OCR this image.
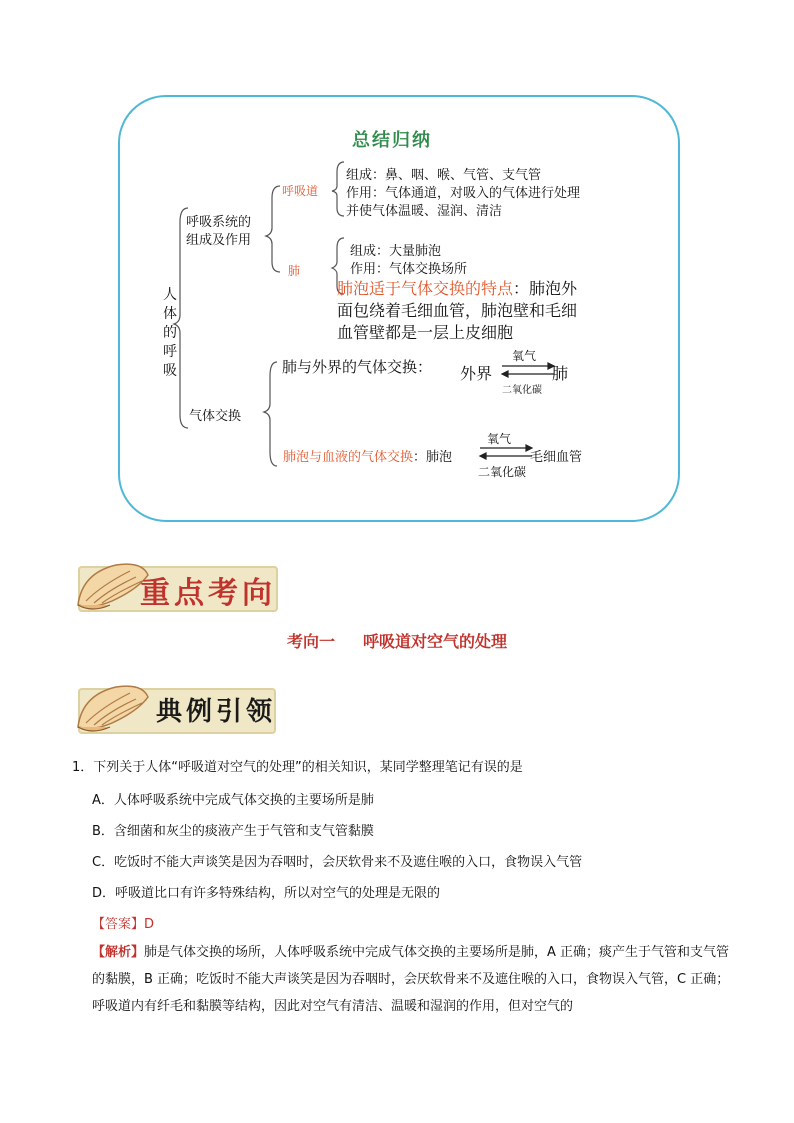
总结归纳
人体的呼吸
呼吸系统的
组成及作用
呼吸道
组成：鼻、咽、喉、气管、支气管
作用：气体通道，对吸入的气体进行处理
并使气体温暖、湿润、清洁
肺
组成：大量肺泡
作用：气体交换场所
肺泡适于气体交换的特点：肺泡外
面包绕着毛细血管，肺泡壁和毛细
血管壁都是一层上皮细胞
气体交换
肺与外界的气体交换： 外界
氧气
二氧化碳
肺
肺泡与血液的气体交换：肺泡
氧气
二氧化碳
毛细血管
重点考向
考向一 呼吸道对空气的处理
典例引领
1．下列关于人体“呼吸道对空气的处理”的相关知识，某同学整理笔记有误的是
A．人体呼吸系统中完成气体交换的主要场所是肺
B．含细菌和灰尘的痰液产生于气管和支气管黏膜
C．吃饭时不能大声谈笑是因为吞咽时，会厌软骨来不及遮住喉的入口，食物误入气管
D．呼吸道比口有许多特殊结构，所以对空气的处理是无限的
【答案】D
【解析】肺是气体交换的场所，人体呼吸系统中完成气体交换的主要场所是肺，A 正确；痰产生于气管和支气管的黏膜，B 正确；吃饭时不能大声谈笑是因为吞咽时，会厌软骨来不及遮住喉的入口，食物误入气管，C 正确；呼吸道内有纤毛和黏膜等结构，因此对空气有清洁、温暖和湿润的作用，但对空气的
